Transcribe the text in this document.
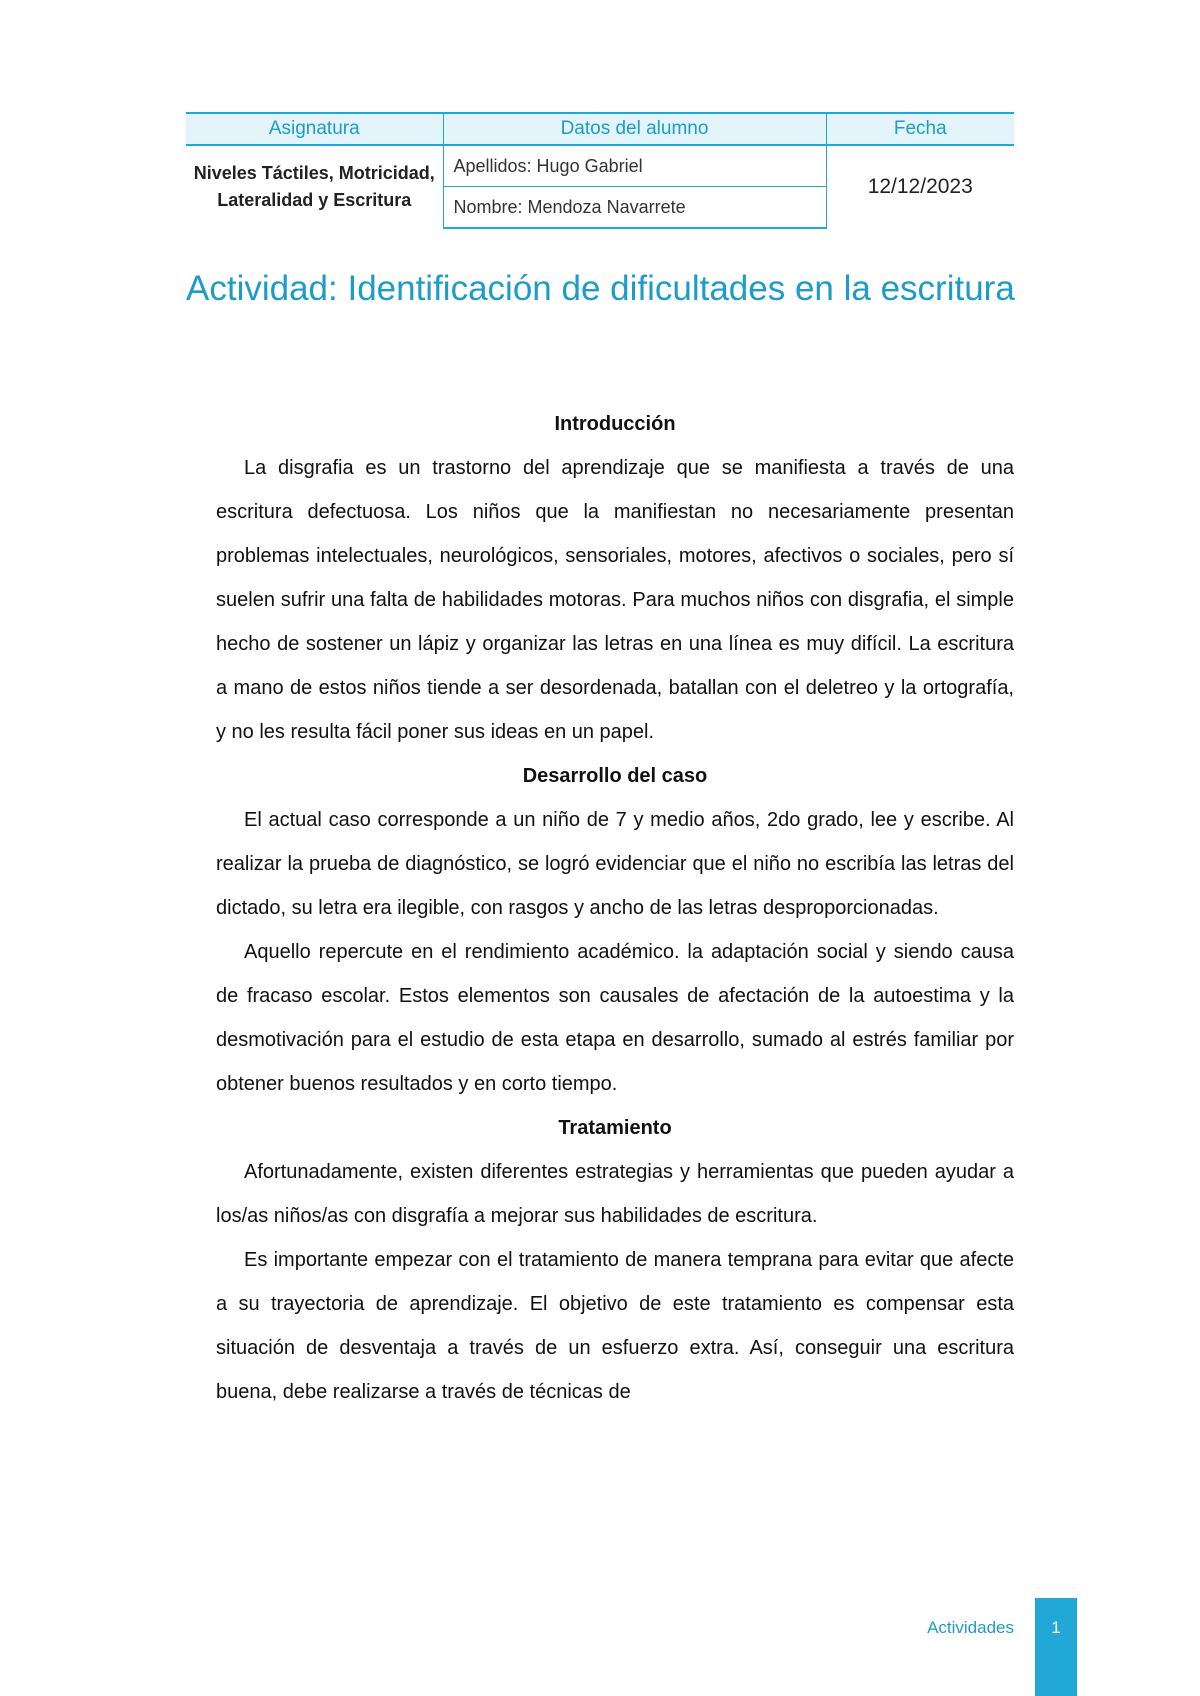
Asignatura	Datos del alumno	Fecha
Niveles Táctiles, Motricidad, Lateralidad y Escritura	Apellidos: Hugo Gabriel	12/12/2023
	Nombre: Mendoza Navarrete	
Actividad: Identificación de dificultades en la escritura
Introducción

La disgrafia es un trastorno del aprendizaje que se manifiesta a través de una escritura defectuosa. Los niños que la manifiestan no necesariamente presentan problemas intelectuales, neurológicos, sensoriales, motores, afectivos o sociales, pero sí suelen sufrir una falta de habilidades motoras. Para muchos niños con disgrafia, el simple hecho de sostener un lápiz y organizar las letras en una línea es muy difícil. La escritura a mano de estos niños tiende a ser desordenada, batallan con el deletreo y la ortografía, y no les resulta fácil poner sus ideas en un papel.

Desarrollo del caso

El actual caso corresponde a un niño de 7 y medio años, 2do grado, lee y escribe. Al realizar la prueba de diagnóstico, se logró evidenciar que el niño no escribía las letras del dictado, su letra era ilegible, con rasgos y ancho de las letras desproporcionadas.

Aquello repercute en el rendimiento académico. la adaptación social y siendo causa de fracaso escolar. Estos elementos son causales de afectación de la autoestima y la desmotivación para el estudio de esta etapa en desarrollo, sumado al estrés familiar por obtener buenos resultados y en corto tiempo.

Tratamiento

Afortunadamente, existen diferentes estrategias y herramientas que pueden ayudar a los/as niños/as con disgrafía a mejorar sus habilidades de escritura.

Es importante empezar con el tratamiento de manera temprana para evitar que afecte a su trayectoria de aprendizaje. El objetivo de este tratamiento es compensar esta situación de desventaja a través de un esfuerzo extra. Así, conseguir una escritura buena, debe realizarse a través de técnicas de

Actividades	1
